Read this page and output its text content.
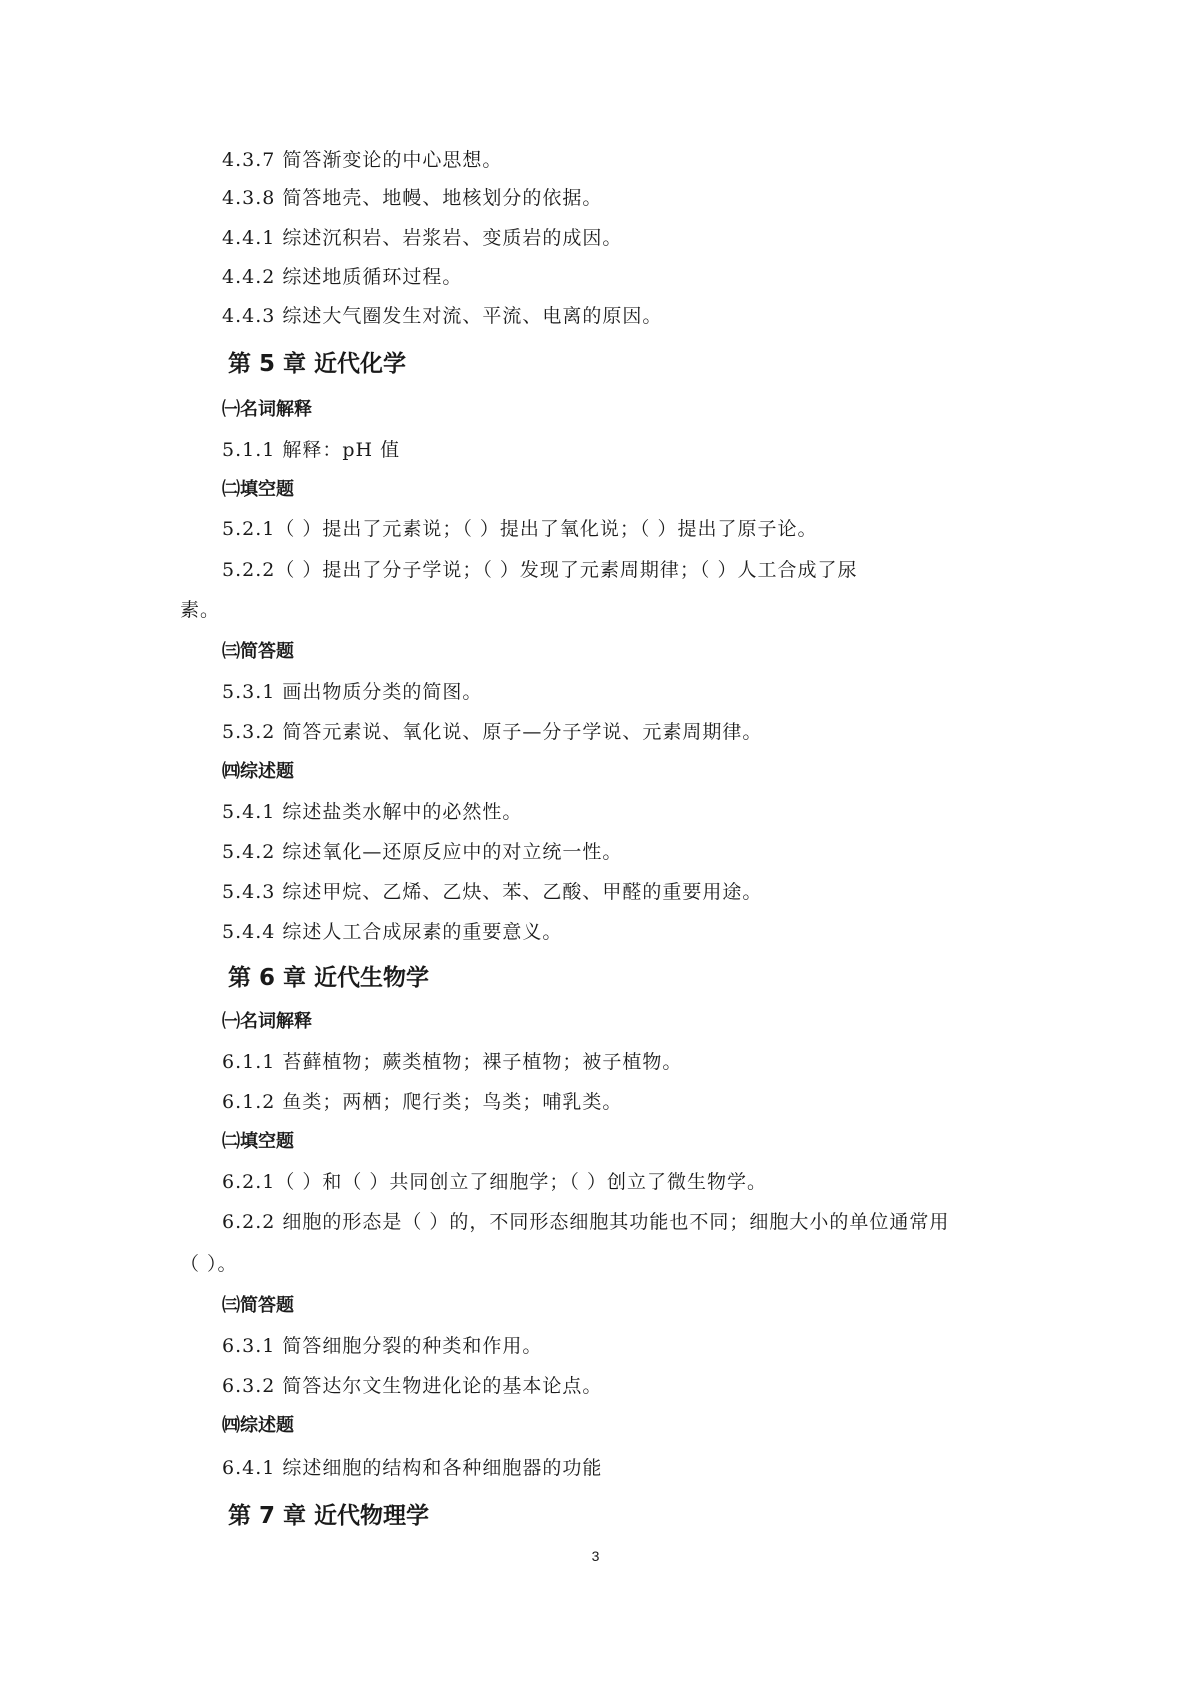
4.3.7 简答渐变论的中心思想。
4.3.8 简答地壳、地幔、地核划分的依据。
4.4.1 综述沉积岩、岩浆岩、变质岩的成因。
4.4.2 综述地质循环过程。
4.4.3 综述大气圈发生对流、平流、电离的原因。
第 5 章 近代化学
㈠名词解释
5.1.1 解释：pH 值
㈡填空题
5.2.1（ ）提出了元素说；（ ）提出了氧化说；（ ）提出了原子论。
5.2.2（ ）提出了分子学说；（ ）发现了元素周期律；（ ）人工合成了尿
素。
㈢简答题
5.3.1 画出物质分类的简图。
5.3.2 简答元素说、氧化说、原子—分子学说、元素周期律。
㈣综述题
5.4.1 综述盐类水解中的必然性。
5.4.2 综述氧化—还原反应中的对立统一性。
5.4.3 综述甲烷、乙烯、乙炔、苯、乙酸、甲醛的重要用途。
5.4.4 综述人工合成尿素的重要意义。
第 6 章 近代生物学
㈠名词解释
6.1.1 苔藓植物；蕨类植物；裸子植物；被子植物。
6.1.2 鱼类；两栖；爬行类；鸟类；哺乳类。
㈡填空题
6.2.1（ ）和（ ）共同创立了细胞学；（ ）创立了微生物学。
6.2.2 细胞的形态是（ ）的，不同形态细胞其功能也不同；细胞大小的单位通常用
（ ）。
㈢简答题
6.3.1 简答细胞分裂的种类和作用。
6.3.2 简答达尔文生物进化论的基本论点。
㈣综述题
6.4.1 综述细胞的结构和各种细胞器的功能
第 7 章 近代物理学
3
